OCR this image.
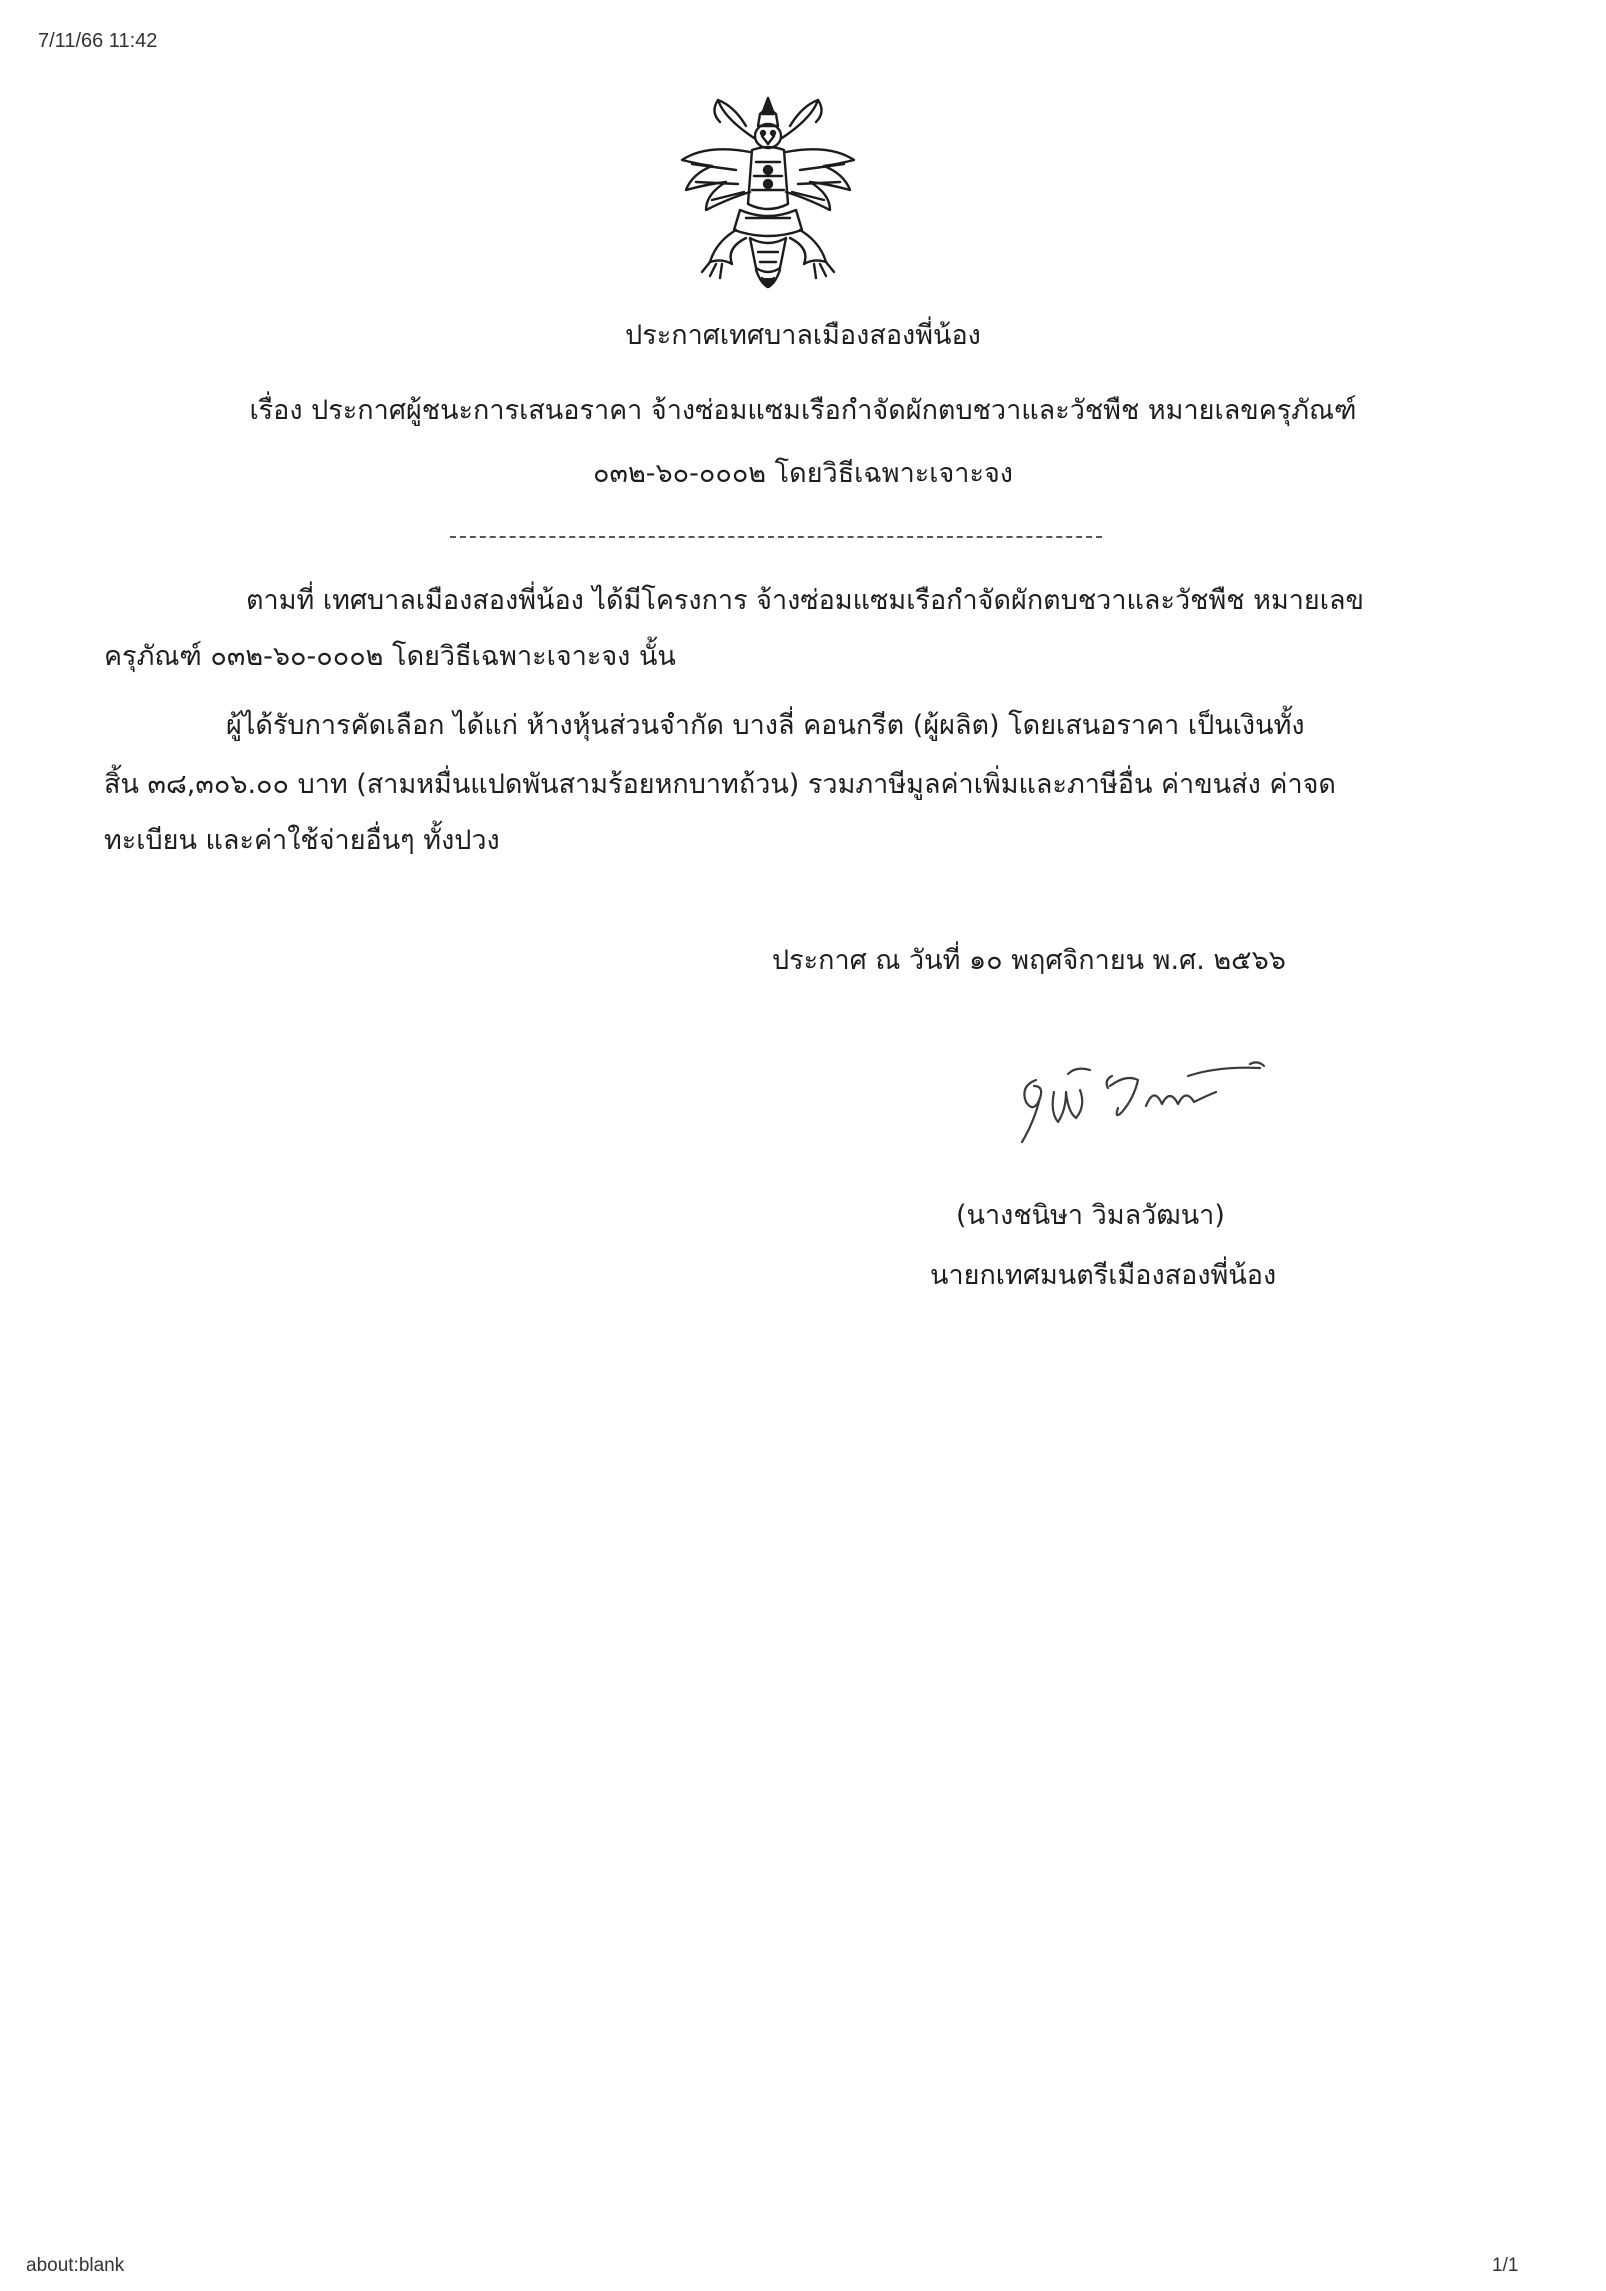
7/11/66 11:42

about:blank	1/1

ประกาศเทศบาลเมืองสองพี่น้อง

เรื่อง ประกาศผู้ชนะการเสนอราคา จ้างซ่อมแซมเรือกำจัดผักตบชวาและวัชพืช หมายเลขครุภัณฑ์

๐๓๒-๖๐-๐๐๐๒ โดยวิธีเฉพาะเจาะจง

ตามที่ เทศบาลเมืองสองพี่น้อง ได้มีโครงการ จ้างซ่อมแซมเรือกำจัดผักตบชวาและวัชพืช หมายเลข

ครุภัณฑ์ ๐๓๒-๖๐-๐๐๐๒ โดยวิธีเฉพาะเจาะจง นั้น

ผู้ได้รับการคัดเลือก ได้แก่ ห้างหุ้นส่วนจำกัด บางลี่ คอนกรีต (ผู้ผลิต) โดยเสนอราคา เป็นเงินทั้ง

สิ้น ๓๘,๓๐๖.๐๐ บาท (สามหมื่นแปดพันสามร้อยหกบาทถ้วน) รวมภาษีมูลค่าเพิ่มและภาษีอื่น ค่าขนส่ง ค่าจด

ทะเบียน และค่าใช้จ่ายอื่นๆ ทั้งปวง

ประกาศ ณ วันที่ ๑๐ พฤศจิกายน พ.ศ. ๒๕๖๖

(นางชนิษา วิมลวัฒนา)

นายกเทศมนตรีเมืองสองพี่น้อง
